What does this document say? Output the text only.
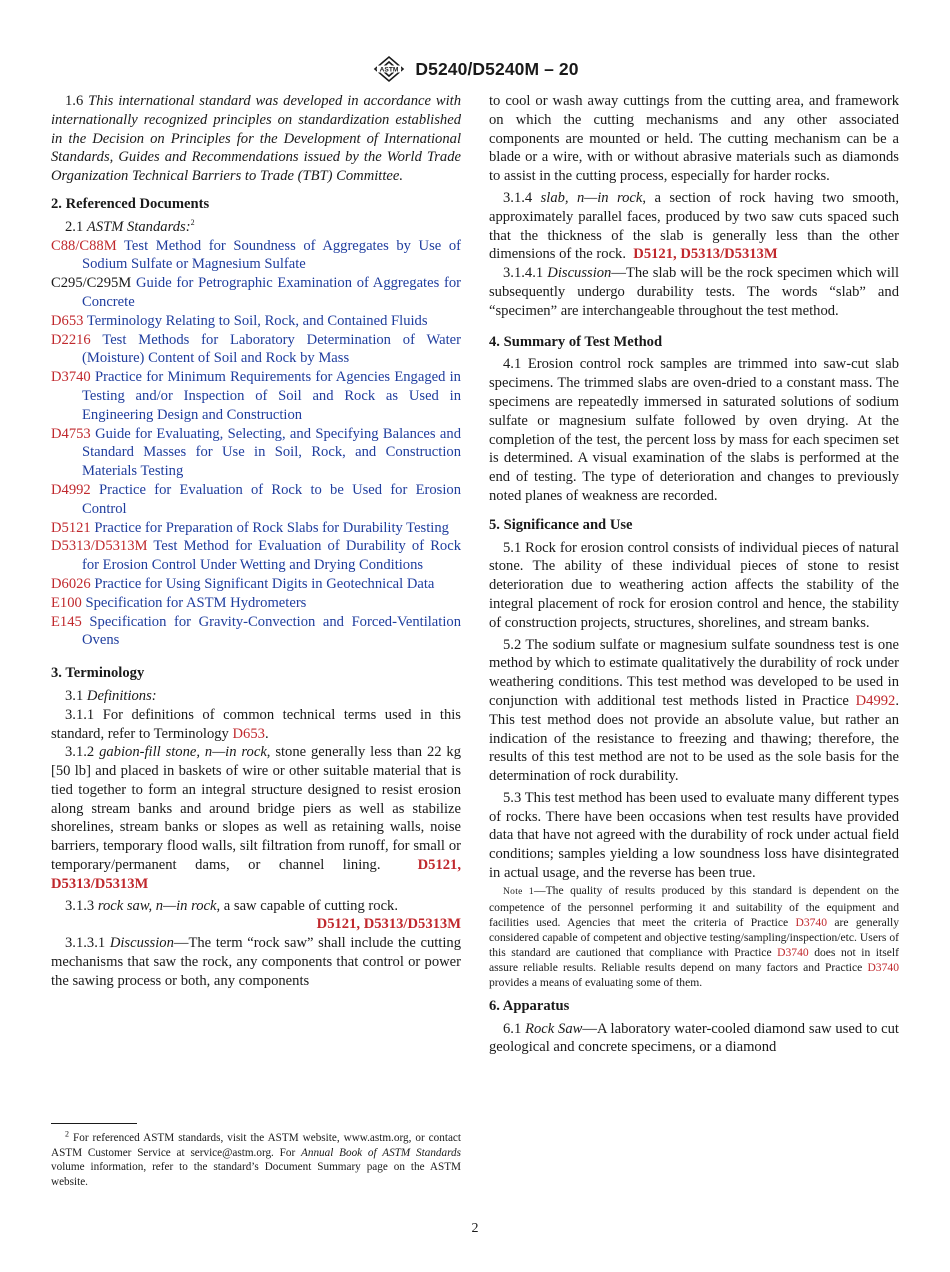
ASTM D5240/D5240M – 20

1.6 This international standard was developed in accordance with internationally recognized principles on standardization established in the Decision on Principles for the Development of International Standards, Guides and Recommendations issued by the World Trade Organization Technical Barriers to Trade (TBT) Committee.

2. Referenced Documents

2.1 ASTM Standards:$^2$

C88/C88M Test Method for Soundness of Aggregates by Use of Sodium Sulfate or Magnesium Sulfate
C295/C295M Guide for Petrographic Examination of Aggregates for Concrete
D653 Terminology Relating to Soil, Rock, and Contained Fluids
D2216 Test Methods for Laboratory Determination of Water (Moisture) Content of Soil and Rock by Mass
D3740 Practice for Minimum Requirements for Agencies Engaged in Testing and/or Inspection of Soil and Rock as Used in Engineering Design and Construction
D4753 Guide for Evaluating, Selecting, and Specifying Balances and Standard Masses for Use in Soil, Rock, and Construction Materials Testing
D4992 Practice for Evaluation of Rock to be Used for Erosion Control
D5121 Practice for Preparation of Rock Slabs for Durability Testing
D5313/D5313M Test Method for Evaluation of Durability of Rock for Erosion Control Under Wetting and Drying Conditions
D6026 Practice for Using Significant Digits in Geotechnical Data
E100 Specification for ASTM Hydrometers
E145 Specification for Gravity-Convection and Forced-Ventilation Ovens
3. Terminology

3.1 Definitions:

3.1.1 For definitions of common technical terms used in this standard, refer to Terminology D653.

3.1.2 gabion-fill stone, n—in rock, stone generally less than 22 kg [50 lb] and placed in baskets of wire or other suitable material that is tied together to form an integral structure designed to resist erosion along stream banks and around bridge piers as well as stabilize shorelines, stream banks or slopes as well as retaining walls, noise barriers, temporary flood walls, silt filtration from runoff, for small or temporary/permanent dams, or channel lining.	D5121, D5313/D5313M

3.1.3 rock saw, n—in rock, a saw capable of cutting rock.

D5121, D5313/D5313M

3.1.3.1 Discussion—The term “rock saw” shall include the cutting mechanisms that saw the rock, any components that control or power the sawing process or both, any components

$^2$ For referenced ASTM standards, visit the ASTM website, www.astm.org, or contact ASTM Customer Service at service@astm.org. For Annual Book of ASTM Standards volume information, refer to the standard’s Document Summary page on the ASTM website.

to cool or wash away cuttings from the cutting area, and framework on which the cutting mechanisms and any other associated components are mounted or held. The cutting mechanism can be a blade or a wire, with or without abrasive materials such as diamonds to assist in the cutting process, especially for harder rocks.

3.1.4 slab, n—in rock, a section of rock having two smooth, approximately parallel faces, produced by two saw cuts spaced such that the thickness of the slab is generally less than the other dimensions of the rock. D5121, D5313/D5313M

3.1.4.1 Discussion—The slab will be the rock specimen which will subsequently undergo durability tests. The words “slab” and “specimen” are interchangeable throughout the test method.

4. Summary of Test Method

4.1 Erosion control rock samples are trimmed into saw-cut slab specimens. The trimmed slabs are oven-dried to a constant mass. The specimens are repeatedly immersed in saturated solutions of sodium sulfate or magnesium sulfate followed by oven drying. At the completion of the test, the percent loss by mass for each specimen set is determined. A visual examination of the slabs is performed at the end of testing. The type of deterioration and changes to previously noted planes of weakness are recorded.

5. Significance and Use

5.1 Rock for erosion control consists of individual pieces of natural stone. The ability of these individual pieces of stone to resist deterioration due to weathering action affects the stability of the integral placement of rock for erosion control and hence, the stability of construction projects, structures, shorelines, and stream banks.

5.2 The sodium sulfate or magnesium sulfate soundness test is one method by which to estimate qualitatively the durability of rock under weathering conditions. This test method was developed to be used in conjunction with additional test methods listed in Practice D4992. This test method does not provide an absolute value, but rather an indication of the resistance to freezing and thawing; therefore, the results of this test method are not to be used as the sole basis for the determination of rock durability.

5.3 This test method has been used to evaluate many different types of rocks. There have been occasions when test results have provided data that have not agreed with the durability of rock under actual field conditions; samples yielding a low soundness loss have disintegrated in actual usage, and the reverse has been true.

Note 1—The quality of results produced by this standard is dependent on the competence of the personnel performing it and suitability of the equipment and facilities used. Agencies that meet the criteria of Practice D3740 are generally considered capable of competent and objective testing/sampling/inspection/etc. Users of this standard are cautioned that compliance with Practice D3740 does not in itself assure reliable results. Reliable results depend on many factors and Practice D3740 provides a means of evaluating some of them.

6. Apparatus

6.1 Rock Saw—A laboratory water-cooled diamond saw used to cut geological and concrete specimens, or a diamond

2
